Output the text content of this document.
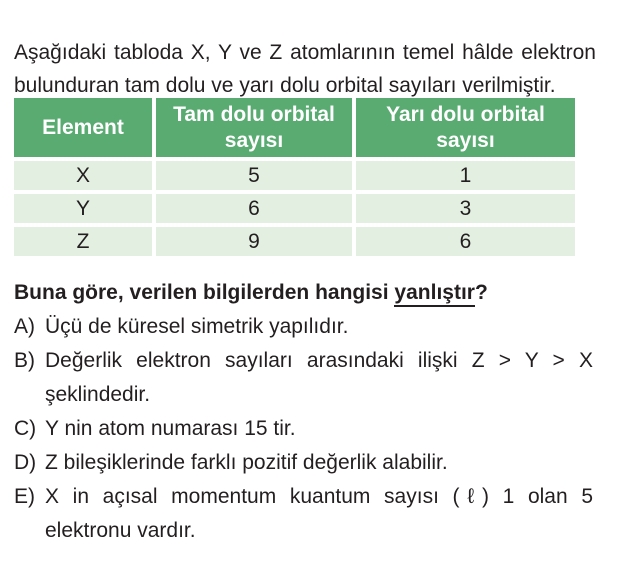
Aşağıdaki tabloda X, Y ve Z atomlarının temel hâlde elektron bulunduran tam dolu ve yarı dolu orbital sayıları verilmiştir.

Element	Tam dolu orbital sayısı	Yarı dolu orbital sayısı
X	5	1
Y	6	3
Z	9	6
Buna göre, verilen bilgilerden hangisi yanlıştır?
A) Üçü de küresel simetrik yapılıdır.
B) Değerlik elektron sayıları arasındaki ilişki Z > Y > X şeklindedir.
C) Y nin atom numarası 15 tir.
D) Z bileşiklerinde farklı pozitif değerlik alabilir.
E) X in açısal momentum kuantum sayısı (ℓ) 1 olan 5 elektronu vardır.
